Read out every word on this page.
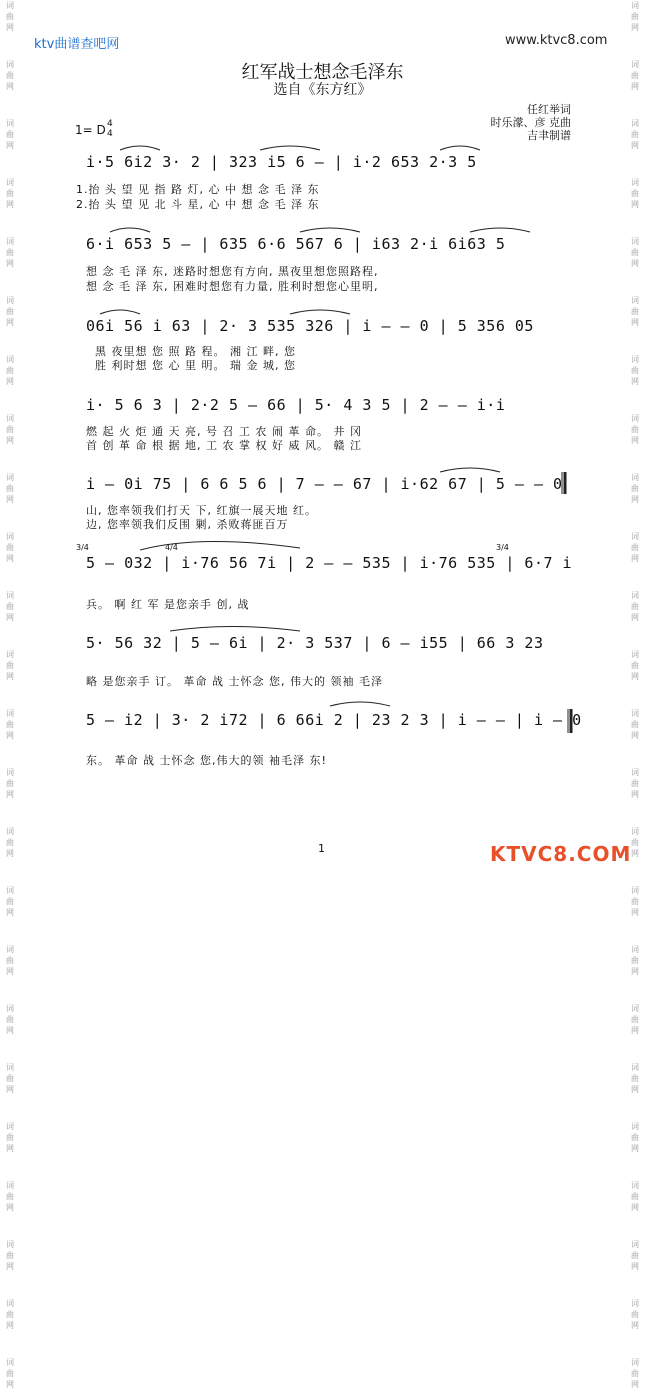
ktv曲谱查吧网	www.ktvc8.com
词
曲
网
词
曲
网
词
曲
网
词
曲
网
词
曲
网
词
曲
网
词
曲
网
词
曲
网
词
曲
网
词
曲
网
词
曲
网
词
曲
网
词
曲
网
词
曲
网
词
曲
网
词
曲
网
词
曲
网
词
曲
网
词
曲
网
词
曲
网
词
曲
网
词
曲
网
词
曲
网
词
曲
网
词
曲
网
词
曲
网
词
曲
网
词
曲
网
词
曲
网
词
曲
网
词
曲
网
词
曲
网
词
曲
网
词
曲
网
词
曲
网
词
曲
网
词
曲
网
词
曲
网
词
曲
网
词
曲
网
词
曲
网
词
曲
网
词
曲
网
词
曲
网
词
曲
网
词
曲
网
词
曲
网
词
曲
网
红军战士想念毛泽东
选自《东方红》
任红举词
时乐濛、彦 克曲
吉聿制谱
1= D 4
4
i·5 6i2 3· 2 | 323 i5 6 — | i·2 653 2·3 5
1.抬 头 望 见 指 路 灯, 心 中 想 念 毛 泽 东
2.抬 头 望 见 北 斗 星, 心 中 想 念 毛 泽 东
6·i 653 5 — | 635 6·6 567 6 | i63 2·i 6i63 5
想 念 毛 泽 东, 迷路时想您有方向, 黑夜里想您照路程,
想 念 毛 泽 东, 困难时想您有力量, 胜利时想您心里明,
06i 56 i 63 | 2· 3 535 326 | i — — 0 | 5 356 05
黑 夜里想 您 照 路 程。 湘 江 畔, 您
胜 利时想 您 心 里 明。 瑞 金 城, 您
i· 5 6 3 | 2·2 5 — 66 | 5· 4 3 5 | 2 — — i·i
燃 起 火 炬 通 天 亮, 号 召 工 农 闹 革 命。 井 冈
首 创 革 命 根 据 地, 工 农 掌 权 好 威 风。 赣 江
i — 0i 75 | 6 6 5 6 | 7 — — 67 | i·62 67 | 5 — — 0
山, 您率领我们打天 下, 红旗一展天地 红。
边, 您率领我们反围 剿, 杀败蒋匪百万
3/4	4/4	3/4
5 — 032 | i·76 56 7i | 2 — — 535 | i·76 535 | 6·7 i
兵。 啊 红 军 是您亲手 创, 战
5· 56 32 | 5 — 6i | 2· 3 537 | 6 — i55 | 66 3 23
略 是您亲手 订。 革命 战 士怀念 您, 伟大的 领袖 毛泽
5 — i2 | 3· 2 i72 | 6 66i 2 | 23 2 3 | i — — | i — 0
东。 革命 战 士怀念 您,伟大的领 袖毛泽 东!
1	KTVC8.COM
